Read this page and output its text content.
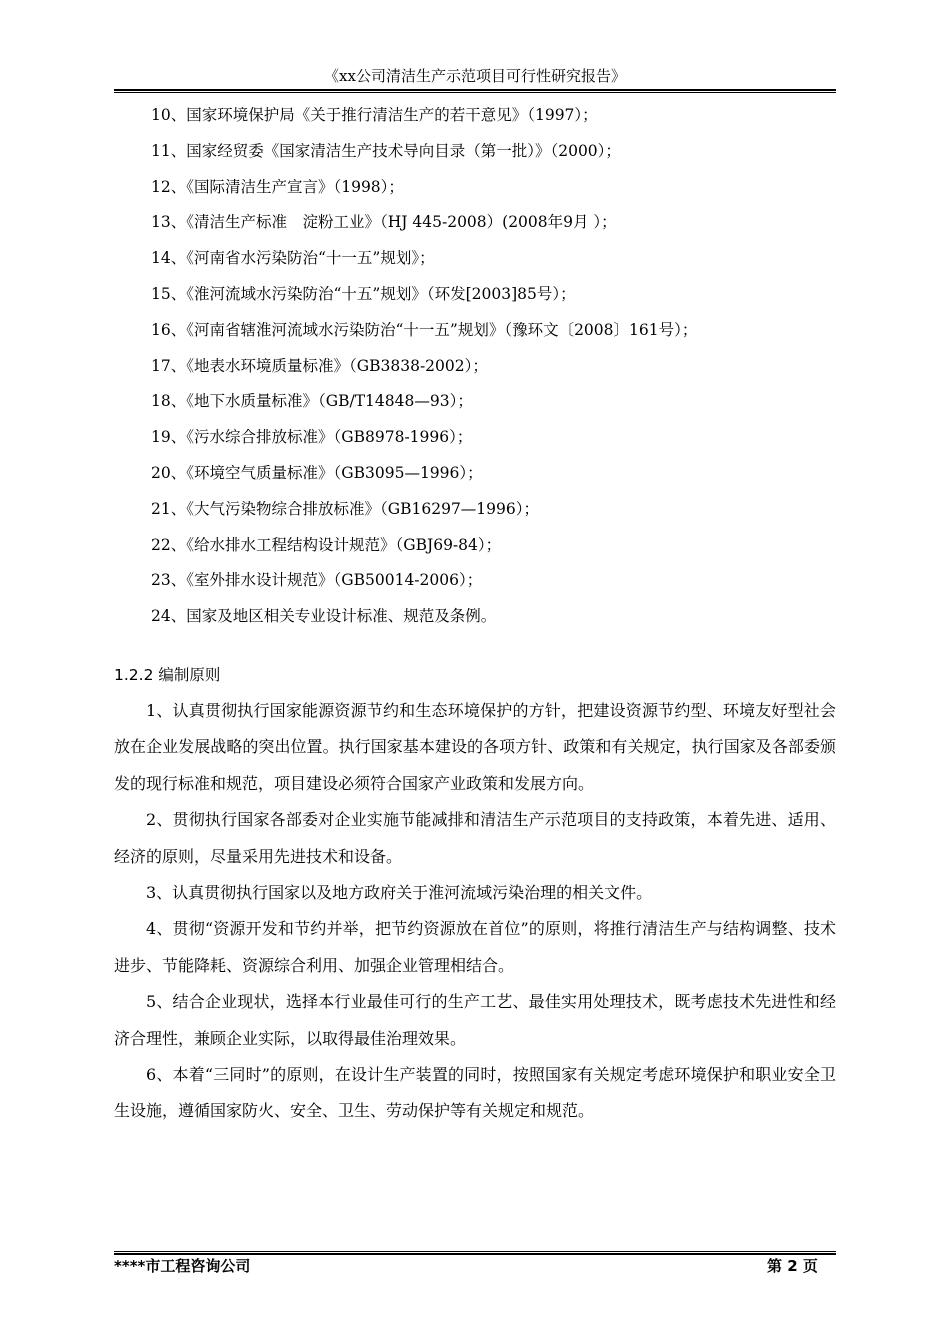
《xx公司清洁生产示范项目可行性研究报告》
10、国家环境保护局《关于推行清洁生产的若干意见》（1997）；
11、国家经贸委《国家清洁生产技术导向目录（第一批）》（2000）；
12、《国际清洁生产宣言》（1998）；
13、《清洁生产标准　淀粉工业》（HJ 445-2008）(2008年9月 ）；
14、《河南省水污染防治“十一五”规划》；
15、《淮河流域水污染防治“十五”规划》（环发[2003]85号）；
16、《河南省辖淮河流域水污染防治“十一五”规划》（豫环文〔2008〕161号）；
17、《地表水环境质量标准》（GB3838-2002）；
18、《地下水质量标准》（GB/T14848—93）；
19、《污水综合排放标准》（GB8978-1996）；
20、《环境空气质量标准》（GB3095—1996）；
21、《大气污染物综合排放标准》（GB16297—1996）；
22、《给水排水工程结构设计规范》（GBJ69-84）；
23、《室外排水设计规范》（GB50014-2006）；
24、国家及地区相关专业设计标准、规范及条例。
1.2.2 编制原则

1、认真贯彻执行国家能源资源节约和生态环境保护的方针，把建设资源节约型、环境友好型社会放在企业发展战略的突出位置。执行国家基本建设的各项方针、政策和有关规定，执行国家及各部委颁发的现行标准和规范，项目建设必须符合国家产业政策和发展方向。

2、贯彻执行国家各部委对企业实施节能减排和清洁生产示范项目的支持政策，本着先进、适用、经济的原则，尽量采用先进技术和设备。

3、认真贯彻执行国家以及地方政府关于淮河流域污染治理的相关文件。

4、贯彻“资源开发和节约并举，把节约资源放在首位”的原则，将推行清洁生产与结构调整、技术进步、节能降耗、资源综合利用、加强企业管理相结合。

5、结合企业现状，选择本行业最佳可行的生产工艺、最佳实用处理技术，既考虑技术先进性和经济合理性，兼顾企业实际，以取得最佳治理效果。

6、本着“三同时”的原则，在设计生产装置的同时，按照国家有关规定考虑环境保护和职业安全卫生设施，遵循国家防火、安全、卫生、劳动保护等有关规定和规范。

****市工程咨询公司	第 2 页
